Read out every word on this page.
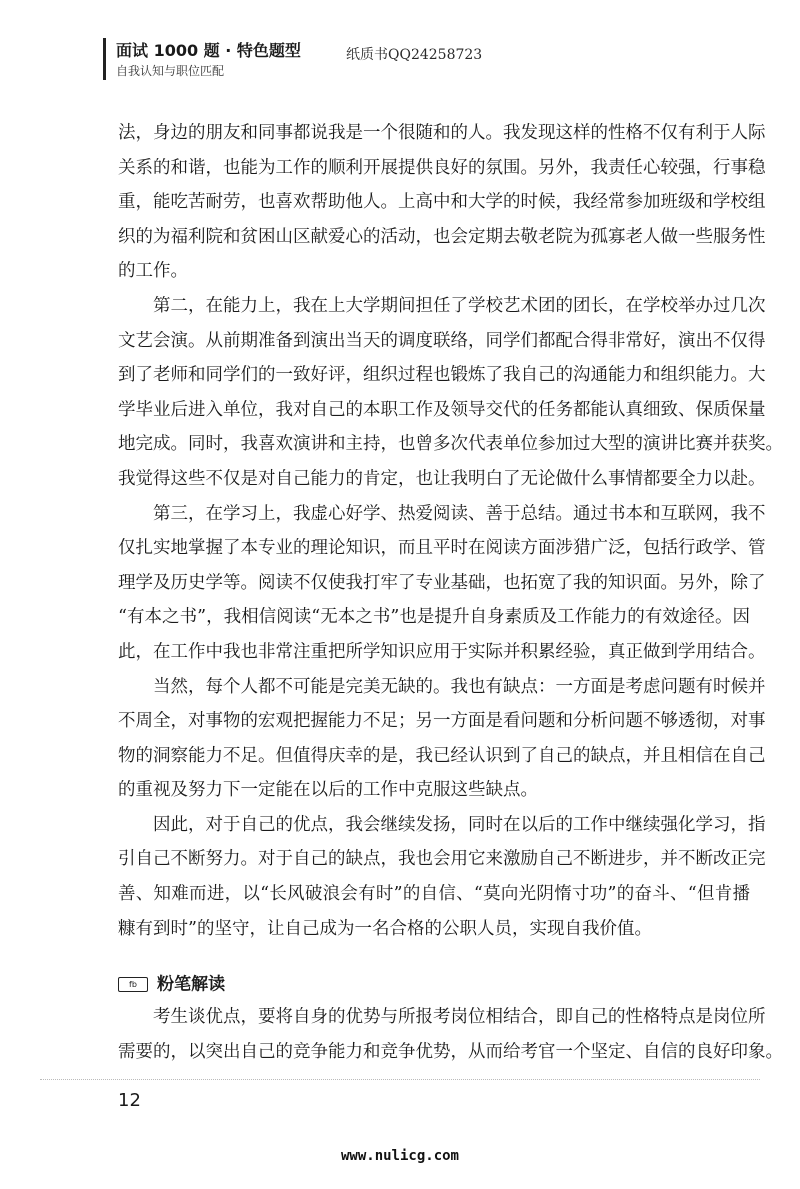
面试 1000 题 · 特色题型
自我认知与职位匹配
纸质书QQ24258723
法，身边的朋友和同事都说我是一个很随和的人。我发现这样的性格不仅有利于人际
关系的和谐，也能为工作的顺利开展提供良好的氛围。另外，我责任心较强，行事稳
重，能吃苦耐劳，也喜欢帮助他人。上高中和大学的时候，我经常参加班级和学校组
织的为福利院和贫困山区献爱心的活动，也会定期去敬老院为孤寡老人做一些服务性
的工作。
　　第二，在能力上，我在上大学期间担任了学校艺术团的团长，在学校举办过几次
文艺会演。从前期准备到演出当天的调度联络，同学们都配合得非常好，演出不仅得
到了老师和同学们的一致好评，组织过程也锻炼了我自己的沟通能力和组织能力。大
学毕业后进入单位，我对自己的本职工作及领导交代的任务都能认真细致、保质保量
地完成。同时，我喜欢演讲和主持，也曾多次代表单位参加过大型的演讲比赛并获奖。
我觉得这些不仅是对自己能力的肯定，也让我明白了无论做什么事情都要全力以赴。
　　第三，在学习上，我虚心好学、热爱阅读、善于总结。通过书本和互联网，我不
仅扎实地掌握了本专业的理论知识，而且平时在阅读方面涉猎广泛，包括行政学、管
理学及历史学等。阅读不仅使我打牢了专业基础，也拓宽了我的知识面。另外，除了
“有本之书”，我相信阅读“无本之书”也是提升自身素质及工作能力的有效途径。因
此，在工作中我也非常注重把所学知识应用于实际并积累经验，真正做到学用结合。
　　当然，每个人都不可能是完美无缺的。我也有缺点：一方面是考虑问题有时候并
不周全，对事物的宏观把握能力不足；另一方面是看问题和分析问题不够透彻，对事
物的洞察能力不足。但值得庆幸的是，我已经认识到了自己的缺点，并且相信在自己
的重视及努力下一定能在以后的工作中克服这些缺点。
　　因此，对于自己的优点，我会继续发扬，同时在以后的工作中继续强化学习，指
引自己不断努力。对于自己的缺点，我也会用它来激励自己不断进步，并不断改正完
善、知难而进，以“长风破浪会有时”的自信、“莫向光阴惰寸功”的奋斗、“但肯播
糠有到时”的坚守，让自己成为一名合格的公职人员，实现自我价值。
fb 粉笔解读
　　考生谈优点，要将自身的优势与所报考岗位相结合，即自己的性格特点是岗位所
需要的，以突出自己的竞争能力和竞争优势，从而给考官一个坚定、自信的良好印象。
12
www.nulicg.com
